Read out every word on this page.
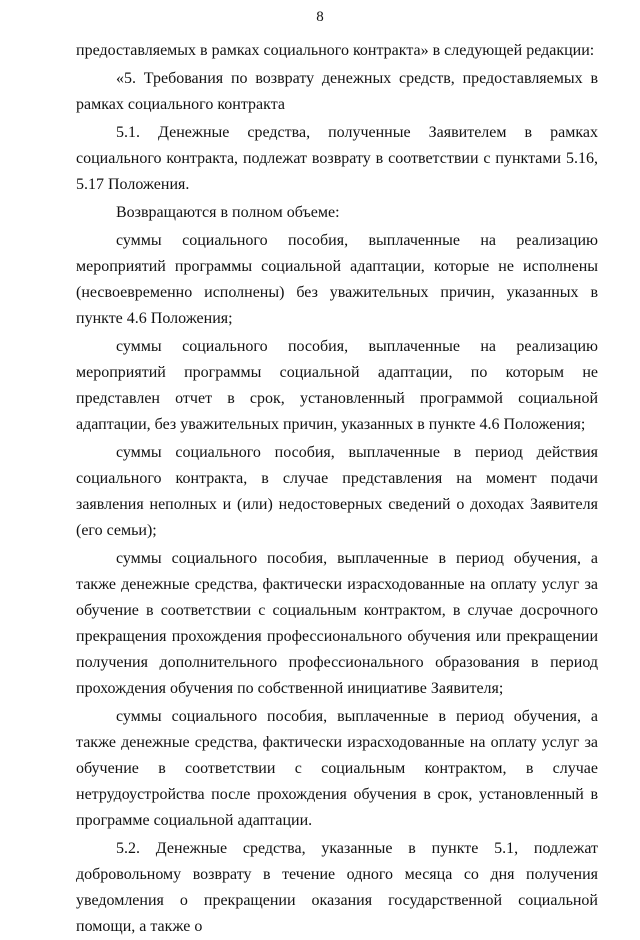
8

предоставляемых в рамках социального контракта» в следующей редакции:

«5. Требования по возврату денежных средств, предоставляемых в рамках социального контракта

5.1. Денежные средства, полученные Заявителем в рамках социального контракта, подлежат возврату в соответствии с пунктами 5.16, 5.17 Положения.

Возвращаются в полном объеме:

суммы социального пособия, выплаченные на реализацию мероприятий программы социальной адаптации, которые не исполнены (несвоевременно исполнены) без уважительных причин, указанных в пункте 4.6 Положения;

суммы социального пособия, выплаченные на реализацию мероприятий программы социальной адаптации, по которым не представлен отчет в срок, установленный программой социальной адаптации, без уважительных причин, указанных в пункте 4.6 Положения;

суммы социального пособия, выплаченные в период действия социального контракта, в случае представления на момент подачи заявления неполных и (или) недостоверных сведений о доходах Заявителя (его семьи);

суммы социального пособия, выплаченные в период обучения, а также денежные средства, фактически израсходованные на оплату услуг за обучение в соответствии с социальным контрактом, в случае досрочного прекращения прохождения профессионального обучения или прекращении получения дополнительного профессионального образования в период прохождения обучения по собственной инициативе Заявителя;

суммы социального пособия, выплаченные в период обучения, а также денежные средства, фактически израсходованные на оплату услуг за обучение в соответствии с социальным контрактом, в случае нетрудоустройства после прохождения обучения в срок, установленный в программе социальной адаптации.

5.2. Денежные средства, указанные в пункте 5.1, подлежат добровольному возврату в течение одного месяца со дня получения уведомления о прекращении оказания государственной социальной помощи, а также о
